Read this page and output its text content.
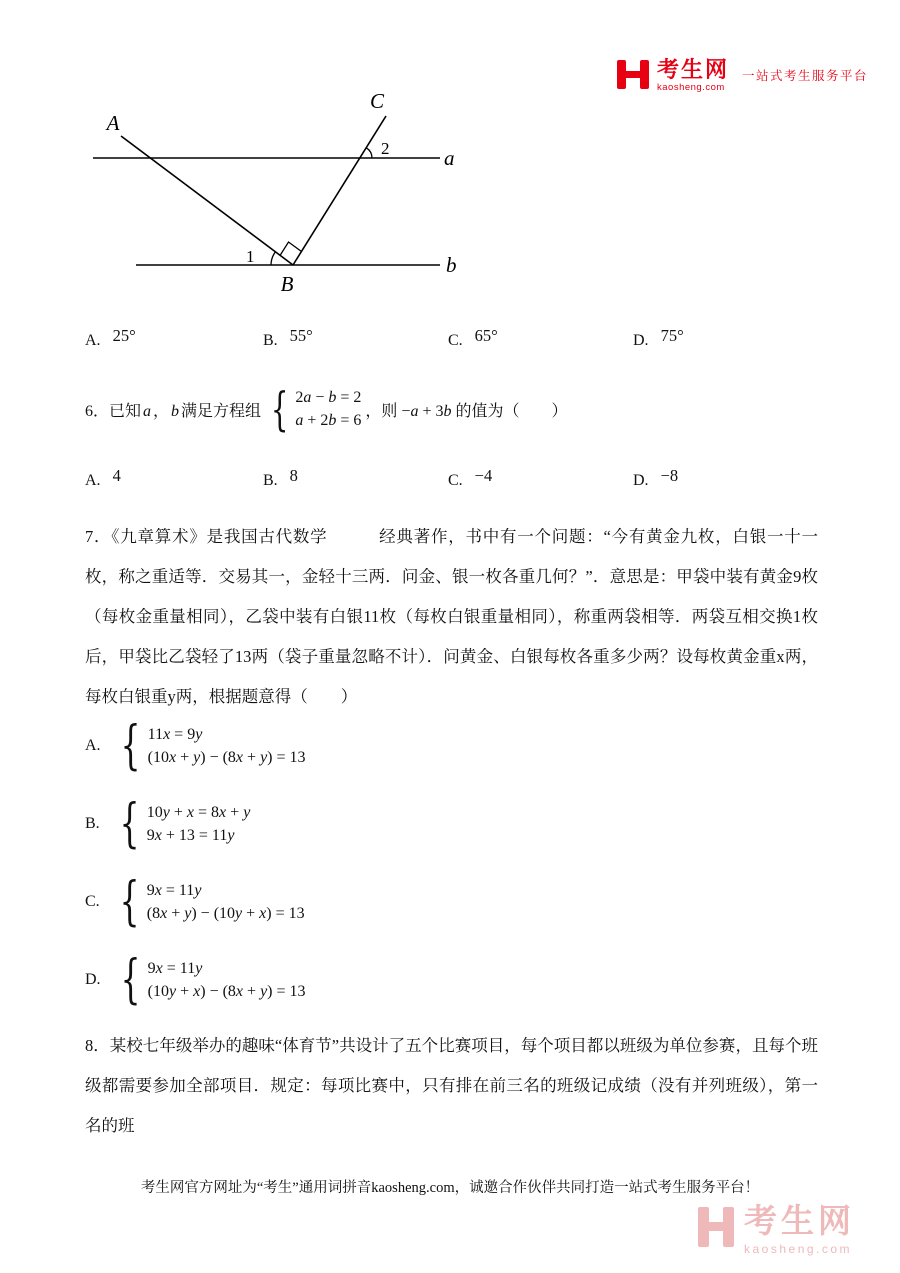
考生网
kaosheng.com
一站式考生服务平台
A
C
a
b
B
1
2
A. 25°	B. 55°	C. 65°	D. 75°
6． 已知 a ， b 满足方程组
{
2a − b = 2
a + 2b = 6
，则 −a + 3b 的值为（　　）
A. 4	B. 8	C. −4	D. −8
7．《九章算术》是我国古代数学　　　经典著作，书中有一个问题：“今有黄金九枚，白银一十一枚，称之重适等．交易其一，金轻十三两．问金、银一枚各重几何？”．意思是：甲袋中装有黄金9枚（每枚金重量相同），乙袋中装有白银11枚（每枚白银重量相同），称重两袋相等．两袋互相交换1枚后，甲袋比乙袋轻了13两（袋子重量忽略不计）．问黄金、白银每枚各重多少两？设每枚黄金重x两，每枚白银重y两，根据题意得（　　）
A.
{
11x = 9y
(10x + y) − (8x + y) = 13
B.
{
10y + x = 8x + y
9x + 13 = 11y
C.
{
9x = 11y
(8x + y) − (10y + x) = 13
D.
{
9x = 11y
(10y + x) − (8x + y) = 13
8．某校七年级举办的趣味“体育节”共设计了五个比赛项目，每个项目都以班级为单位参赛，且每个班级都需要参加全部项目．规定：每项比赛中，只有排在前三名的班级记成绩（没有并列班级），第一名的班
考生网官方网址为“考生”通用词拼音kaosheng.com，诚邀合作伙伴共同打造一站式考生服务平台！
考生网
kaosheng.com
